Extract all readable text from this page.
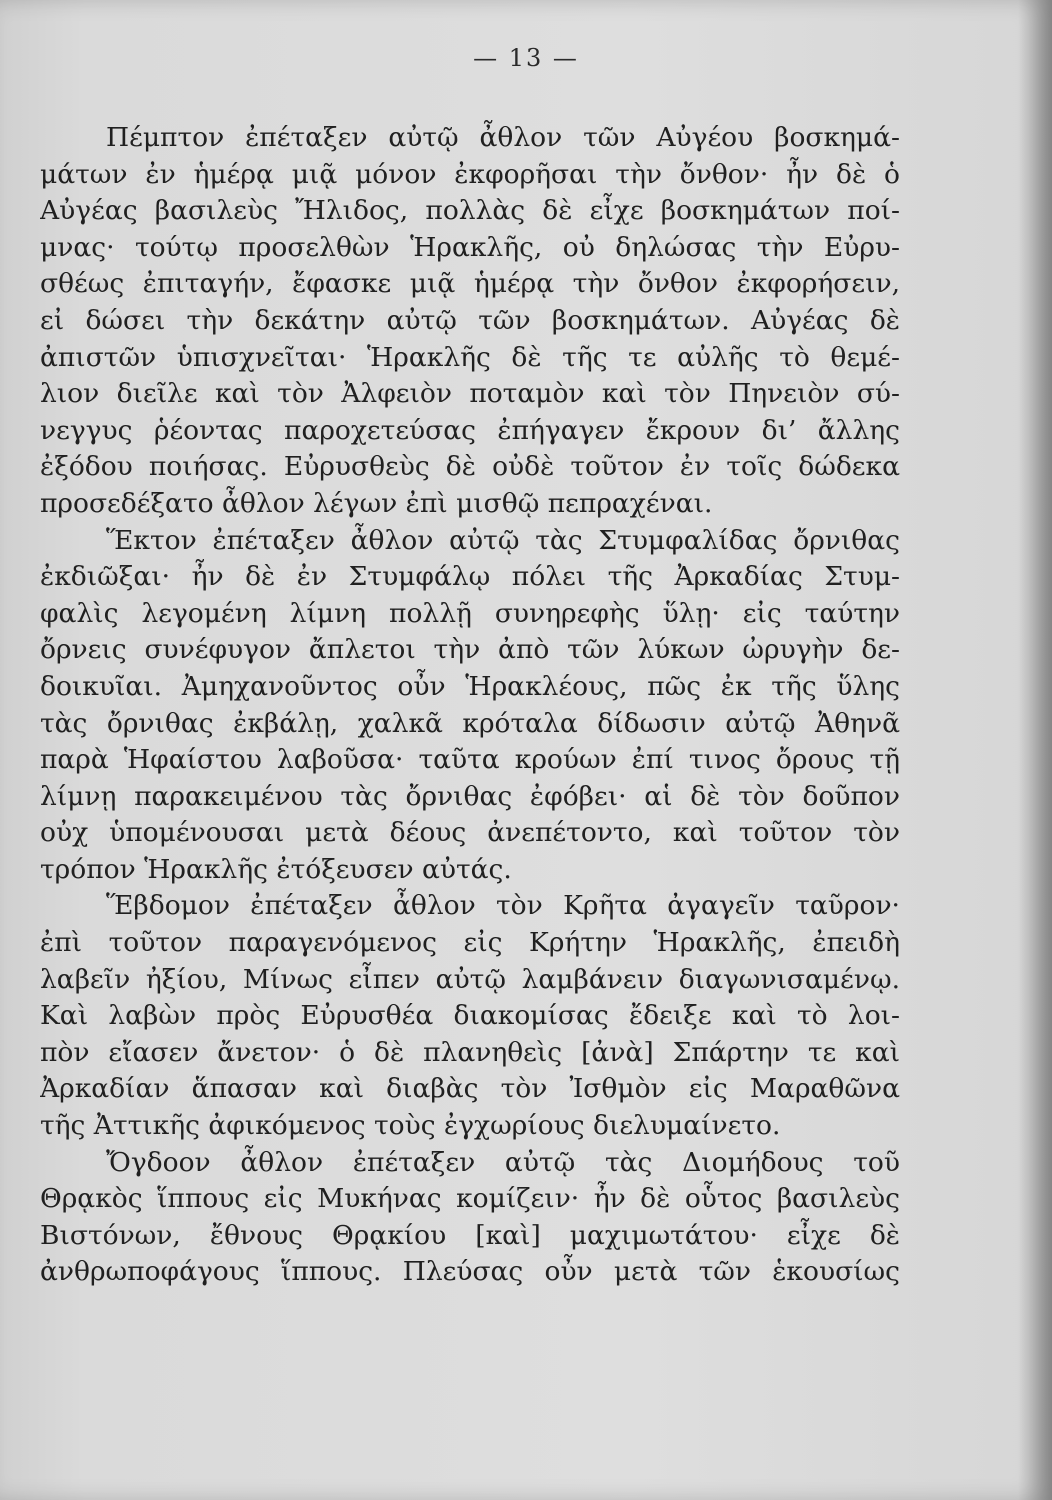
— 13 —
Πέμπτον ἐπέταξεν αὐτῷ ἆθλον τῶν Αὐγέου βοσκημά-
μάτων ἐν ἡμέρᾳ μιᾷ μόνον ἐκφορῆσαι τὴν ὄνθον· ἦν δὲ ὁ
Αὐγέας βασιλεὺς Ἤλιδος, πολλὰς δὲ εἶχε βοσκημάτων ποί-
μνας· τούτῳ προσελθὼν Ἡρακλῆς, οὐ δηλώσας τὴν Εὐρυ-
σθέως ἐπιταγήν, ἔφασκε μιᾷ ἡμέρᾳ τὴν ὄνθον ἐκφορήσειν,
εἰ δώσει τὴν δεκάτην αὐτῷ τῶν βοσκημάτων. Αὐγέας δὲ
ἀπιστῶν ὑπισχνεῖται· Ἡρακλῆς δὲ τῆς τε αὐλῆς τὸ θεμέ-
λιον διεῖλε καὶ τὸν Ἀλφειὸν ποταμὸν καὶ τὸν Πηνειὸν σύ-
νεγγυς ῥέοντας παροχετεύσας ἐπήγαγεν ἔκρουν δι’ ἄλλης
ἐξόδου ποιήσας. Εὐρυσθεὺς δὲ οὐδὲ τοῦτον ἐν τοῖς δώδεκα
προσεδέξατο ἆθλον λέγων ἐπὶ μισθῷ πεπραχέναι.
Ἕκτον ἐπέταξεν ἆθλον αὐτῷ τὰς Στυμφαλίδας ὄρνιθας
ἐκδιῶξαι· ἦν δὲ ἐν Στυμφάλῳ πόλει τῆς Ἀρκαδίας Στυμ-
φαλὶς λεγομένη λίμνη πολλῇ συνηρεφὴς ὕλῃ· εἰς ταύτην
ὄρνεις συνέφυγον ἄπλετοι τὴν ἀπὸ τῶν λύκων ὠρυγὴν δε-
δοικυῖαι. Ἀμηχανοῦντος οὖν Ἡρακλέους, πῶς ἐκ τῆς ὕλης
τὰς ὄρνιθας ἐκβάλῃ, χαλκᾶ κρόταλα δίδωσιν αὐτῷ Ἀθηνᾶ
παρὰ Ἡφαίστου λαβοῦσα· ταῦτα κρούων ἐπί τινος ὄρους τῇ
λίμνῃ παρακειμένου τὰς ὄρνιθας ἐφόβει· αἱ δὲ τὸν δοῦπον
οὐχ ὑπομένουσαι μετὰ δέους ἀνεπέτοντο, καὶ τοῦτον τὸν
τρόπον Ἡρακλῆς ἐτόξευσεν αὐτάς.
Ἕβδομον ἐπέταξεν ἆθλον τὸν Κρῆτα ἀγαγεῖν ταῦρον·
ἐπὶ τοῦτον παραγενόμενος εἰς Κρήτην Ἡρακλῆς, ἐπειδὴ
λαβεῖν ἠξίου, Μίνως εἶπεν αὐτῷ λαμβάνειν διαγωνισαμένῳ.
Καὶ λαβὼν πρὸς Εὐρυσθέα διακομίσας ἔδειξε καὶ τὸ λοι-
πὸν εἴασεν ἄνετον· ὁ δὲ πλανηθεὶς [ἀνὰ] Σπάρτην τε καὶ
Ἀρκαδίαν ἅπασαν καὶ διαβὰς τὸν Ἰσθμὸν εἰς Μαραθῶνα
τῆς Ἀττικῆς ἀφικόμενος τοὺς ἐγχωρίους διελυμαίνετο.
Ὄγδοον ἆθλον ἐπέταξεν αὐτῷ τὰς Διομήδους τοῦ
Θρᾳκὸς ἵππους εἰς Μυκήνας κομίζειν· ἦν δὲ οὗτος βασιλεὺς
Βιστόνων, ἔθνους Θρᾳκίου [καὶ] μαχιμωτάτου· εἶχε δὲ
ἀνθρωποφάγους ἵππους. Πλεύσας οὖν μετὰ τῶν ἑκουσίως
